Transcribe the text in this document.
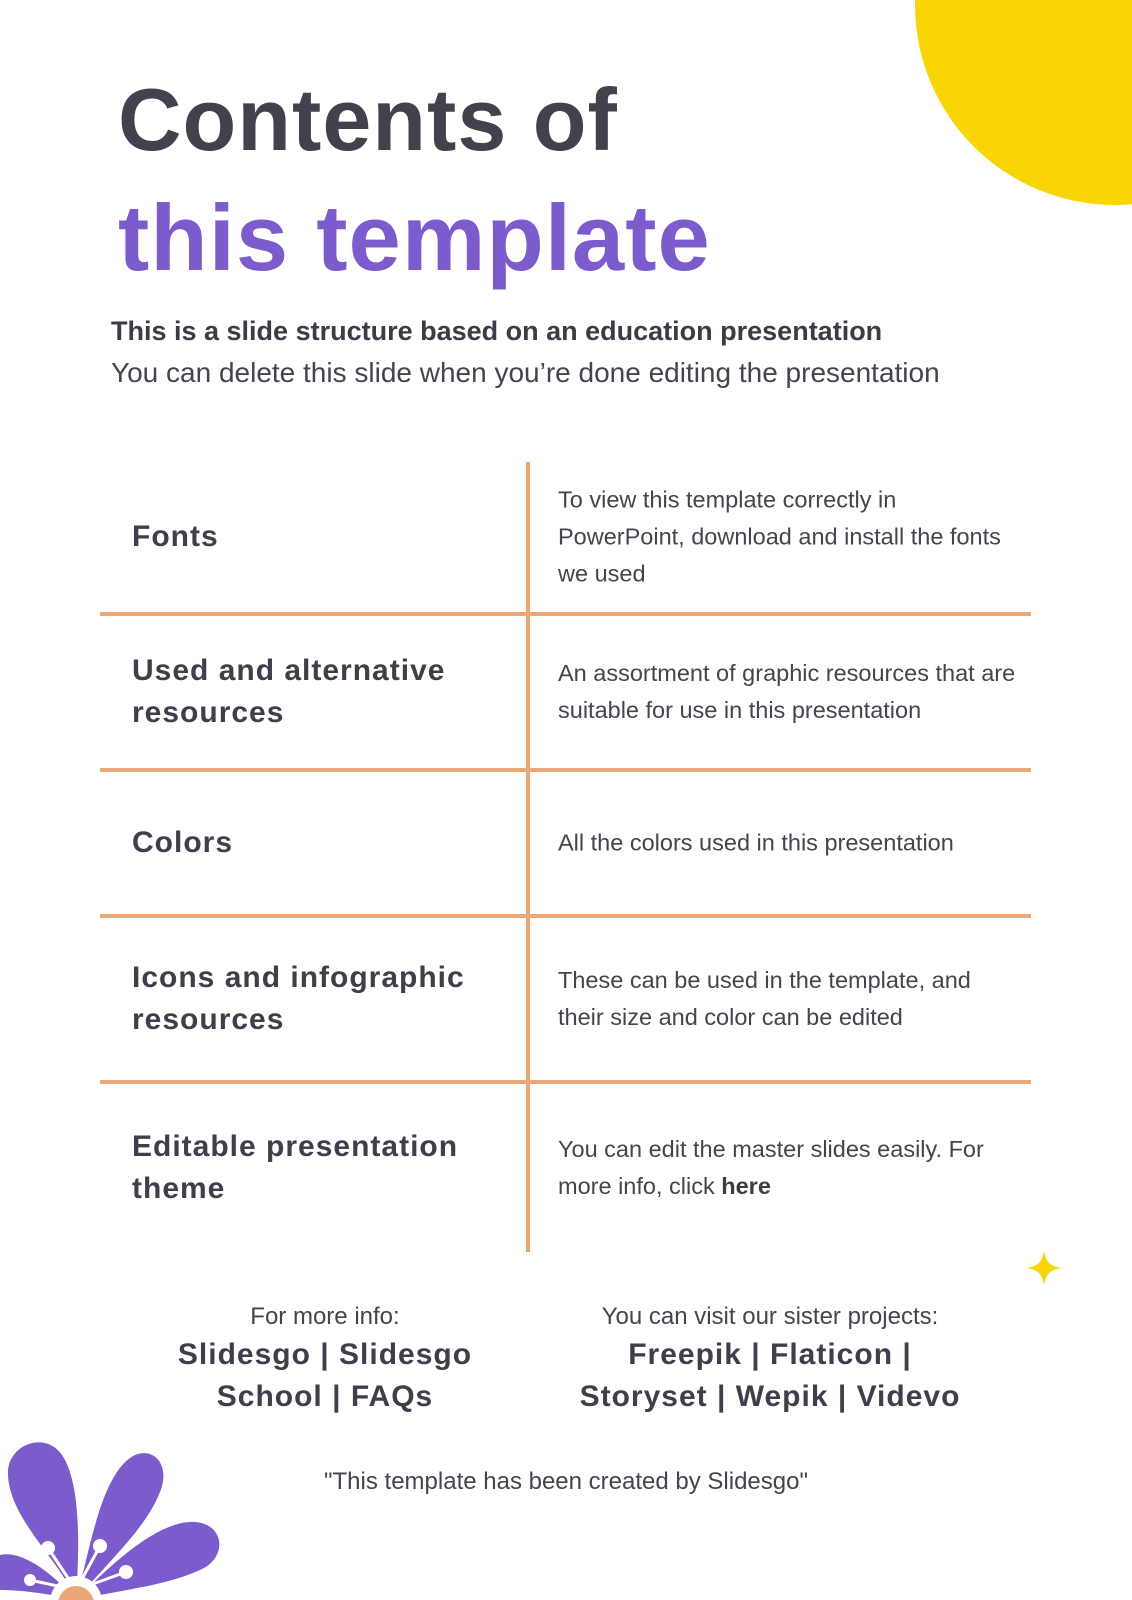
Contents of
this template
This is a slide structure based on an education presentation
You can delete this slide when you’re done editing the presentation
Fonts
To view this template correctly in PowerPoint, download and install the fonts we used
Used and alternative resources
An assortment of graphic resources that are suitable for use in this presentation
Colors	All the colors used in this presentation
Icons and infographic resources
These can be used in the template, and their size and color can be edited
Editable presentation theme
You can edit the master slides easily. For more info, click here
For more info:
Slidesgo | Slidesgo
School | FAQs
You can visit our sister projects:
Freepik | Flaticon |
Storyset | Wepik | Videvo
"This template has been created by Slidesgo"
